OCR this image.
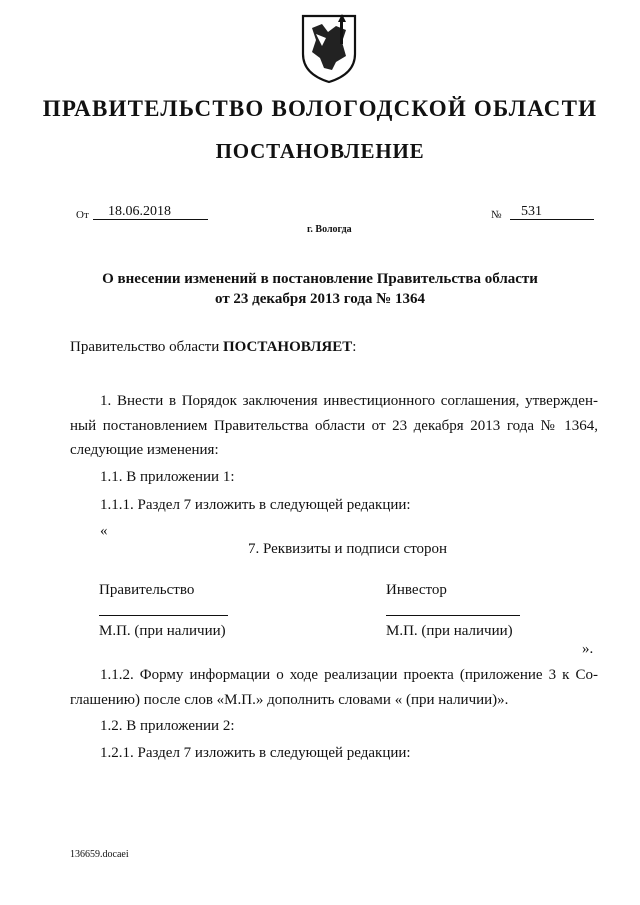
ПРАВИТЕЛЬСТВО ВОЛОГОДСКОЙ ОБЛАСТИ
ПОСТАНОВЛЕНИЕ
От 18.06.2018	№ 531
г. Вологда
О внесении изменений в постановление Правительства области
от 23 декабря 2013 года № 1364
Правительство области ПОСТАНОВЛЯЕТ:
1. Внести в Порядок заключения инвестиционного соглашения, утвержден-
ный постановлением Правительства области от 23 декабря 2013 года № 1364,
следующие изменения:
1.1. В приложении 1:
1.1.1. Раздел 7 изложить в следующей редакции:
«
7. Реквизиты и подписи сторон
Правительство	Инвестор
М.П. (при наличии)	М.П. (при наличии)
».
1.1.2. Форму информации о ходе реализации проекта (приложение 3 к Со-
глашению) после слов «М.П.» дополнить словами « (при наличии)».
1.2. В приложении 2:
1.2.1. Раздел 7 изложить в следующей редакции:
136659.docaei
